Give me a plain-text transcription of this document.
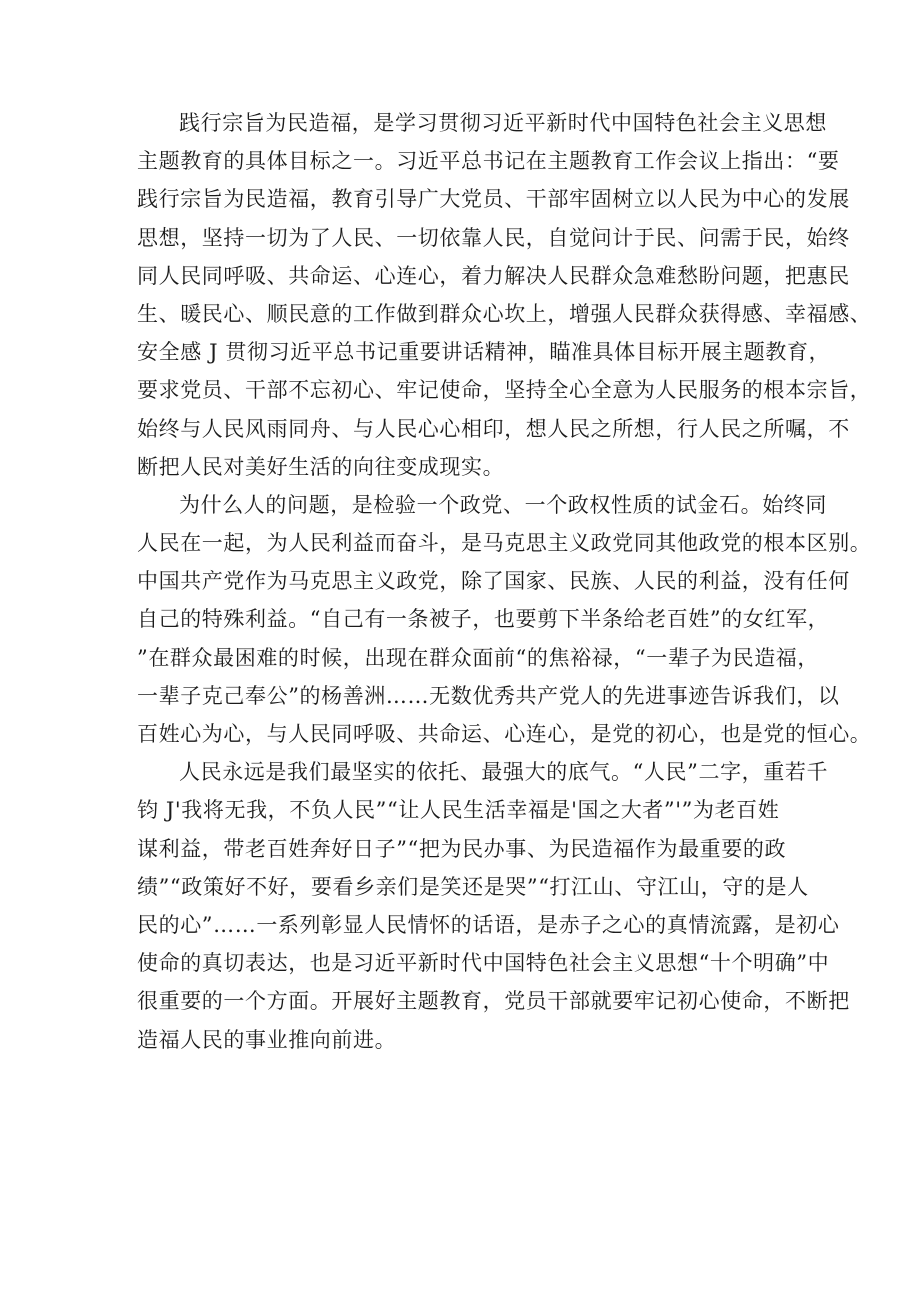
践行宗旨为民造福，是学习贯彻习近平新时代中国特色社会主义思想
主题教育的具体目标之一。习近平总书记在主题教育工作会议上指出：“要
践行宗旨为民造福，教育引导广大党员、干部牢固树立以人民为中心的发展
思想，坚持一切为了人民、一切依靠人民，自觉问计于民、问需于民，始终
同人民同呼吸、共命运、心连心，着力解决人民群众急难愁盼问题，把惠民
生、暖民心、顺民意的工作做到群众心坎上，增强人民群众获得感、幸福感、
安全感 J 贯彻习近平总书记重要讲话精神，瞄准具体目标开展主题教育，
要求党员、干部不忘初心、牢记使命，坚持全心全意为人民服务的根本宗旨，
始终与人民风雨同舟、与人民心心相印，想人民之所想，行人民之所嘱，不
断把人民对美好生活的向往变成现实。
为什么人的问题，是检验一个政党、一个政权性质的试金石。始终同
人民在一起，为人民利益而奋斗，是马克思主义政党同其他政党的根本区别。
中国共产党作为马克思主义政党，除了国家、民族、人民的利益，没有任何
自己的特殊利益。“自己有一条被子，也要剪下半条给老百姓”的女红军，
”在群众最困难的时候，出现在群众面前“的焦裕禄，“一辈子为民造福，
一辈子克己奉公”的杨善洲……无数优秀共产党人的先进事迹告诉我们，以
百姓心为心，与人民同呼吸、共命运、心连心，是党的初心，也是党的恒心。
人民永远是我们最坚实的依托、最强大的底气。“人民”二字，重若千
钧 J'我将无我，不负人民”“让人民生活幸福是'国之大者”'”为老百姓
谋利益，带老百姓奔好日子”“把为民办事、为民造福作为最重要的政
绩”“政策好不好，要看乡亲们是笑还是哭”“打江山、守江山，守的是人
民的心”……一系列彰显人民情怀的话语，是赤子之心的真情流露，是初心
使命的真切表达，也是习近平新时代中国特色社会主义思想“十个明确”中
很重要的一个方面。开展好主题教育，党员干部就要牢记初心使命，不断把
造福人民的事业推向前进。
